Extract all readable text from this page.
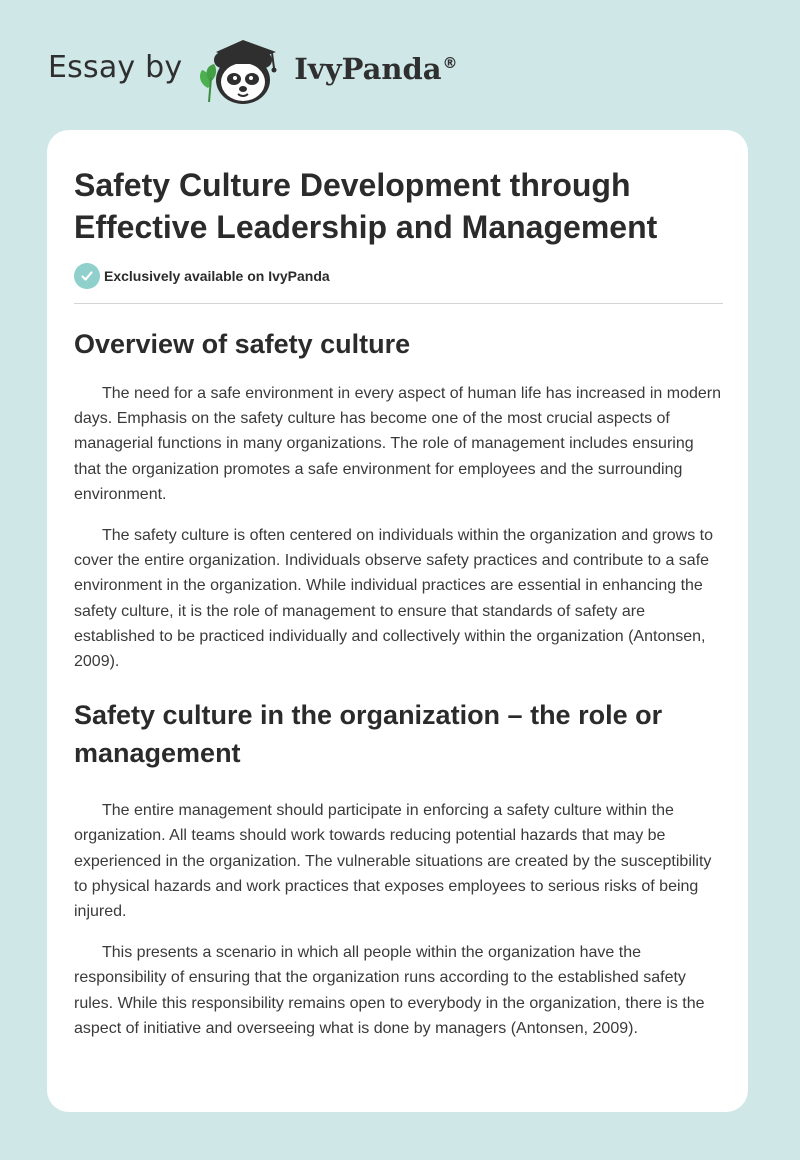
Essay by	IvyPanda®
Safety Culture Development through Effective Leadership and Management
Exclusively available on IvyPanda
Overview of safety culture

The need for a safe environment in every aspect of human life has increased in modern days. Emphasis on the safety culture has become one of the most crucial aspects of managerial functions in many organizations. The role of management includes ensuring that the organization promotes a safe environment for employees and the surrounding environment.

The safety culture is often centered on individuals within the organization and grows to cover the entire organization. Individuals observe safety practices and contribute to a safe environment in the organization. While individual practices are essential in enhancing the safety culture, it is the role of management to ensure that standards of safety are established to be practiced individually and collectively within the organization (Antonsen, 2009).

Safety culture in the organization – the role or management

The entire management should participate in enforcing a safety culture within the organization. All teams should work towards reducing potential hazards that may be experienced in the organization. The vulnerable situations are created by the susceptibility to physical hazards and work practices that exposes employees to serious risks of being injured.

This presents a scenario in which all people within the organization have the responsibility of ensuring that the organization runs according to the established safety rules. While this responsibility remains open to everybody in the organization, there is the aspect of initiative and overseeing what is done by managers (Antonsen, 2009).
